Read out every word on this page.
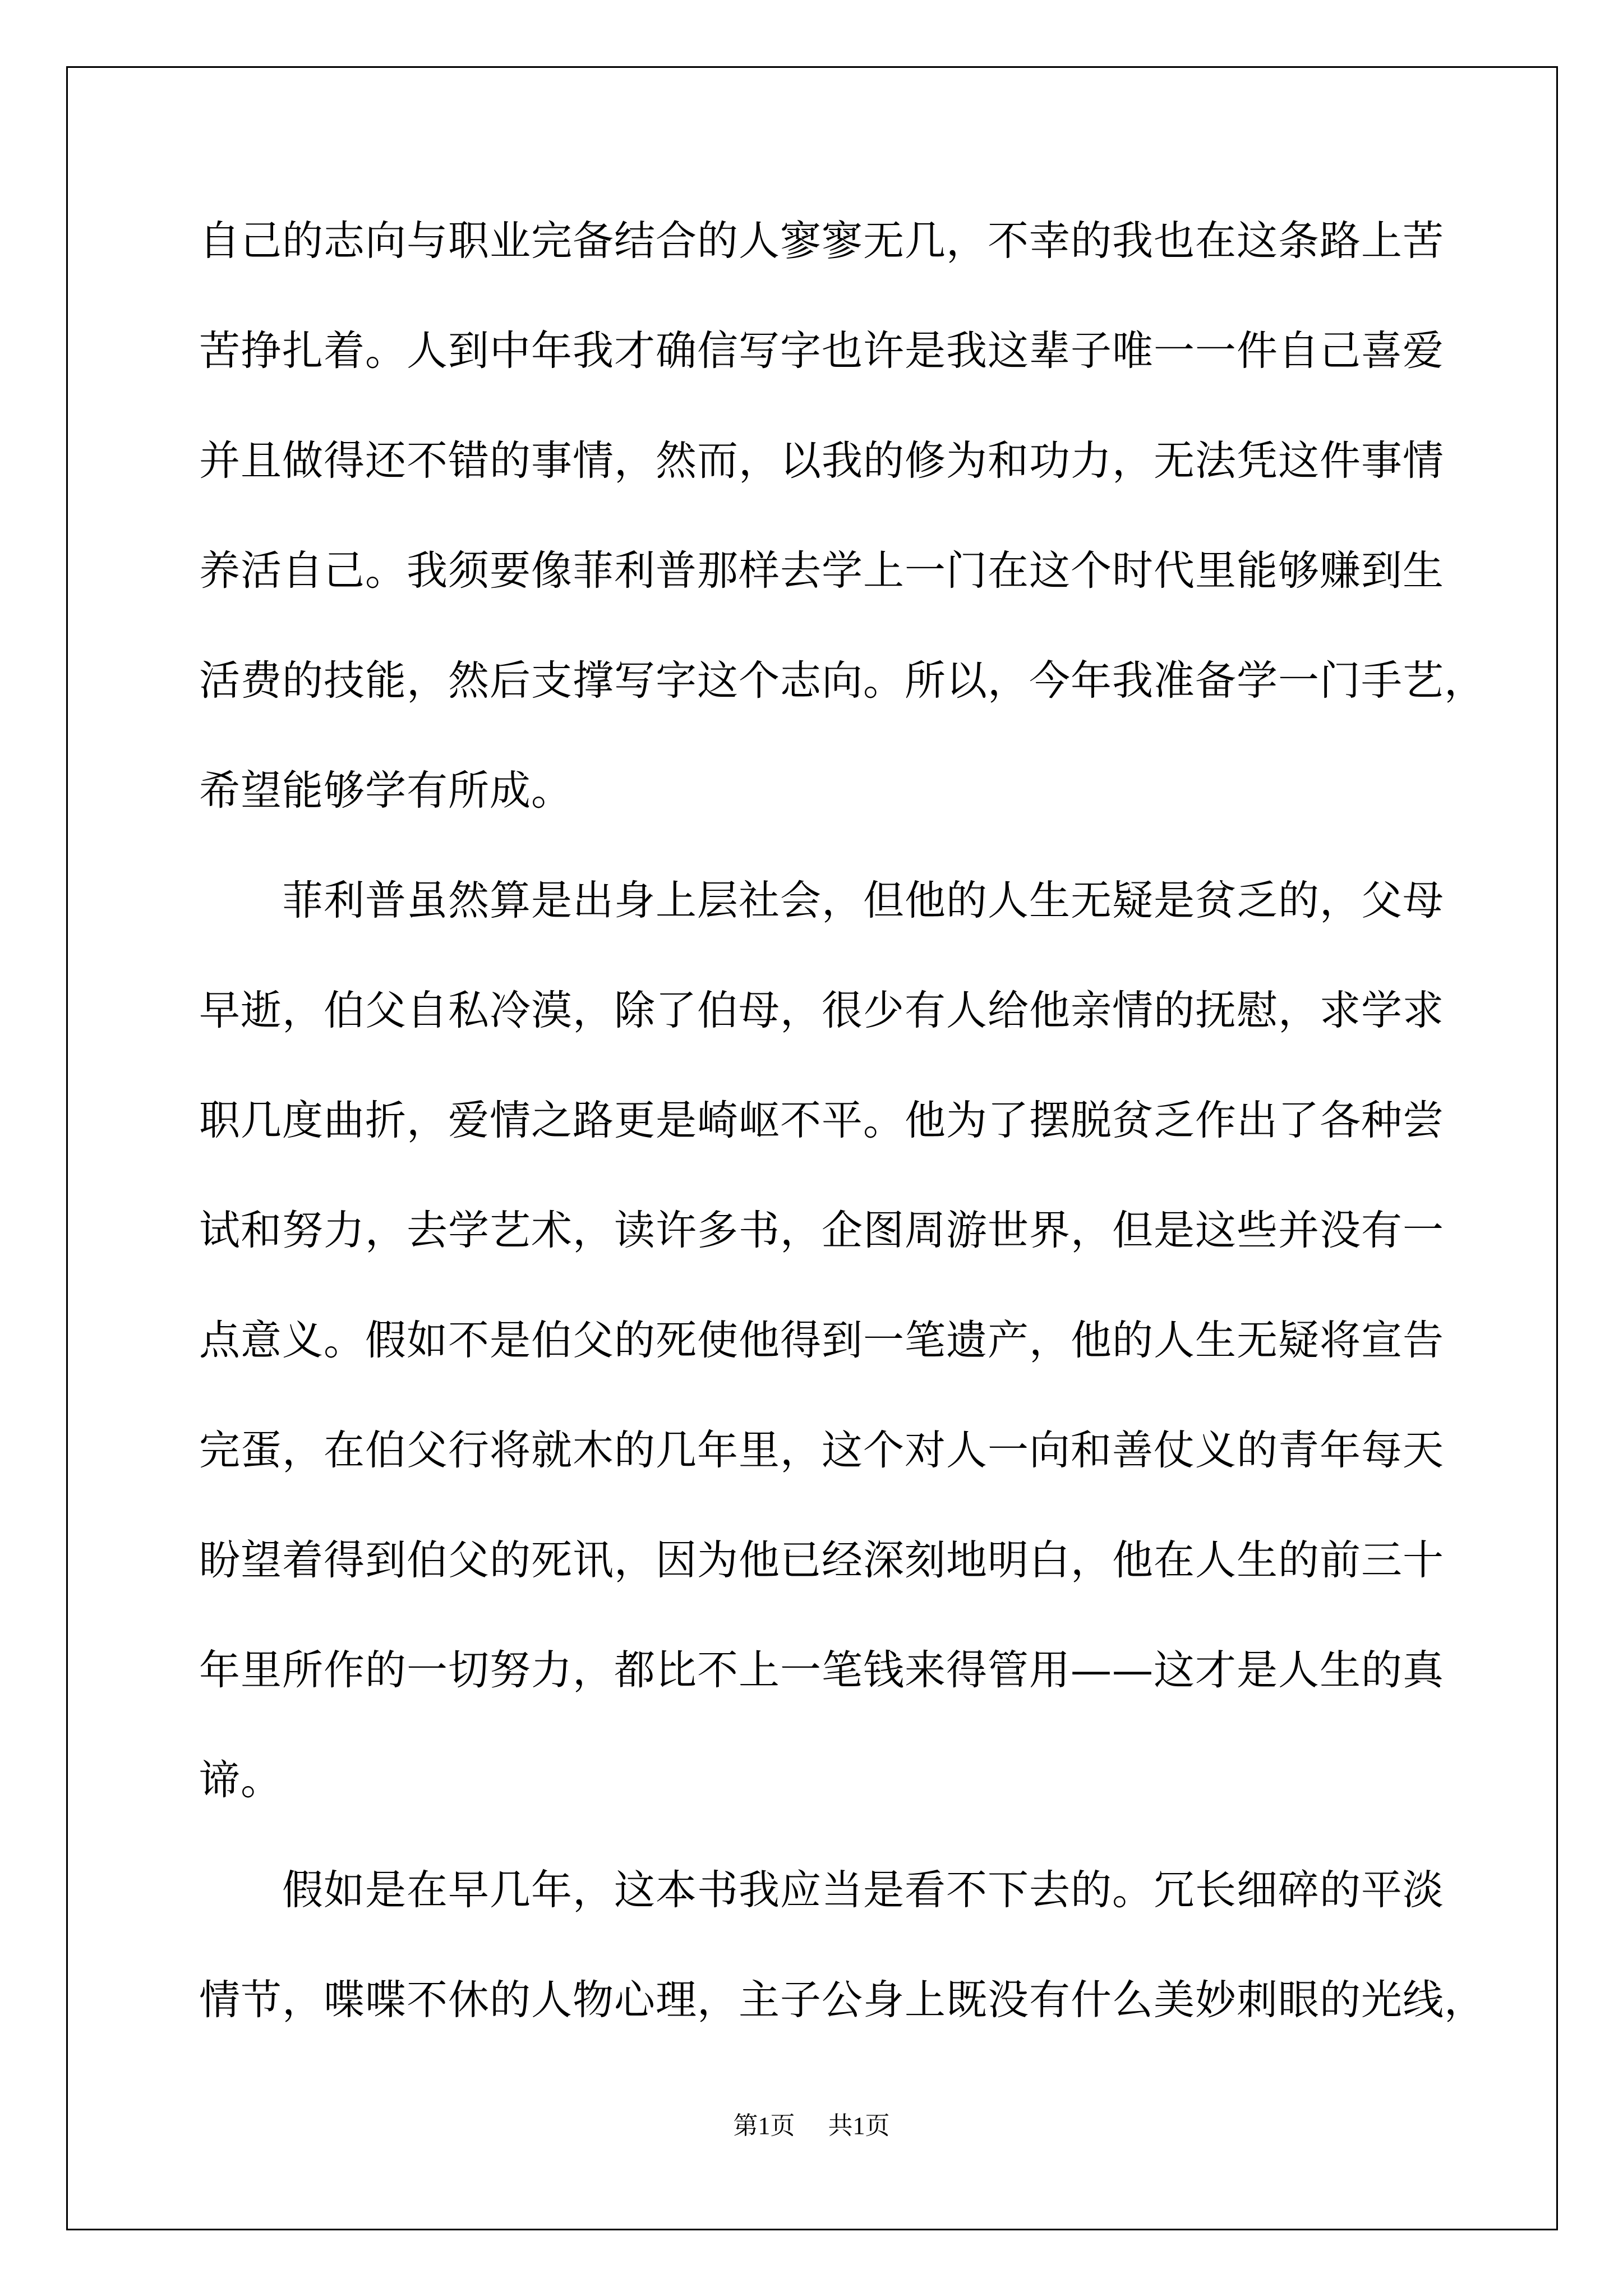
自己的志向与职业完备结合的人寥寥无几，不幸的我也在这条路上苦
苦挣扎着。人到中年我才确信写字也许是我这辈子唯一一件自己喜爱
并且做得还不错的事情，然而，以我的修为和功力，无法凭这件事情
养活自己。我须要像菲利普那样去学上一门在这个时代里能够赚到生
活费的技能，然后支撑写字这个志向。所以，今年我准备学一门手艺，
希望能够学有所成。
　　菲利普虽然算是出身上层社会，但他的人生无疑是贫乏的，父母
早逝，伯父自私冷漠，除了伯母，很少有人给他亲情的抚慰，求学求
职几度曲折，爱情之路更是崎岖不平。他为了摆脱贫乏作出了各种尝
试和努力，去学艺术，读许多书，企图周游世界，但是这些并没有一
点意义。假如不是伯父的死使他得到一笔遗产，他的人生无疑将宣告
完蛋，在伯父行将就木的几年里，这个对人一向和善仗义的青年每天
盼望着得到伯父的死讯，因为他已经深刻地明白，他在人生的前三十
年里所作的一切努力，都比不上一笔钱来得管用——这才是人生的真
谛。
　　假如是在早几年，这本书我应当是看不下去的。冗长细碎的平淡
情节，喋喋不休的人物心理，主子公身上既没有什么美妙刺眼的光线，
第1页 共1页
